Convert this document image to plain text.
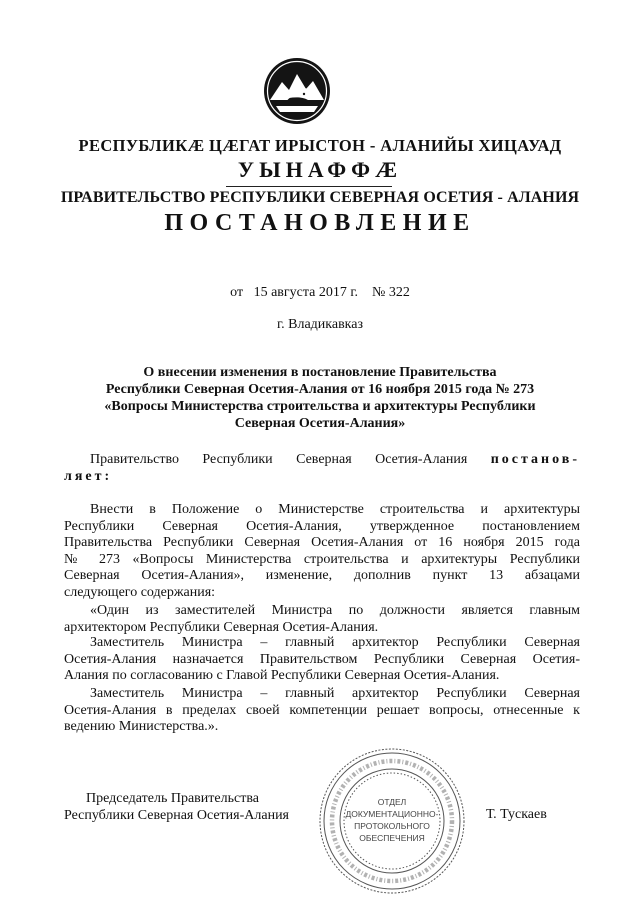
РЕСПУБЛИКÆ ЦÆГАТ ИРЫСТОН - АЛАНИЙЫ ХИЦАУАД
УЫНАФФÆ
ПРАВИТЕЛЬСТВО РЕСПУБЛИКИ СЕВЕРНАЯ ОСЕТИЯ - АЛАНИЯ
ПОСТАНОВЛЕНИЕ
от 15 августа 2017 г. № 322
г. Владикавказ
О внесении изменения в постановление Правительства
Республики Северная Осетия-Алания от 16 ноября 2015 года № 273
«Вопросы Министерства строительства и архитектуры Республики
Северная Осетия-Алания»
Правительство Республики Северная Осетия-Алания постанов-
ляет:
Внести в Положение о Министерстве строительства и архитектуры
Республики Северная Осетия-Алания, утвержденное постановлением
Правительства Республики Северная Осетия-Алания от 16 ноября 2015 года
№ 273 «Вопросы Министерства строительства и архитектуры Республики
Северная Осетия-Алания», изменение, дополнив пункт 13 абзацами
следующего содержания:
«Один из заместителей Министра по должности является главным
архитектором Республики Северная Осетия-Алания.
Заместитель Министра – главный архитектор Республики Северная
Осетия-Алания назначается Правительством Республики Северная Осетия-
Алания по согласованию с Главой Республики Северная Осетия-Алания.
Заместитель Министра – главный архитектор Республики Северная
Осетия-Алания в пределах своей компетенции решает вопросы, отнесенные к
ведению Министерства.».
Председатель Правительства
Республики Северная Осетия-Алания
ОТДЕЛ
ДОКУМЕНТАЦИОННО-
ПРОТОКОЛЬНОГО
ОБЕСПЕЧЕНИЯ
Т. Тускаев
